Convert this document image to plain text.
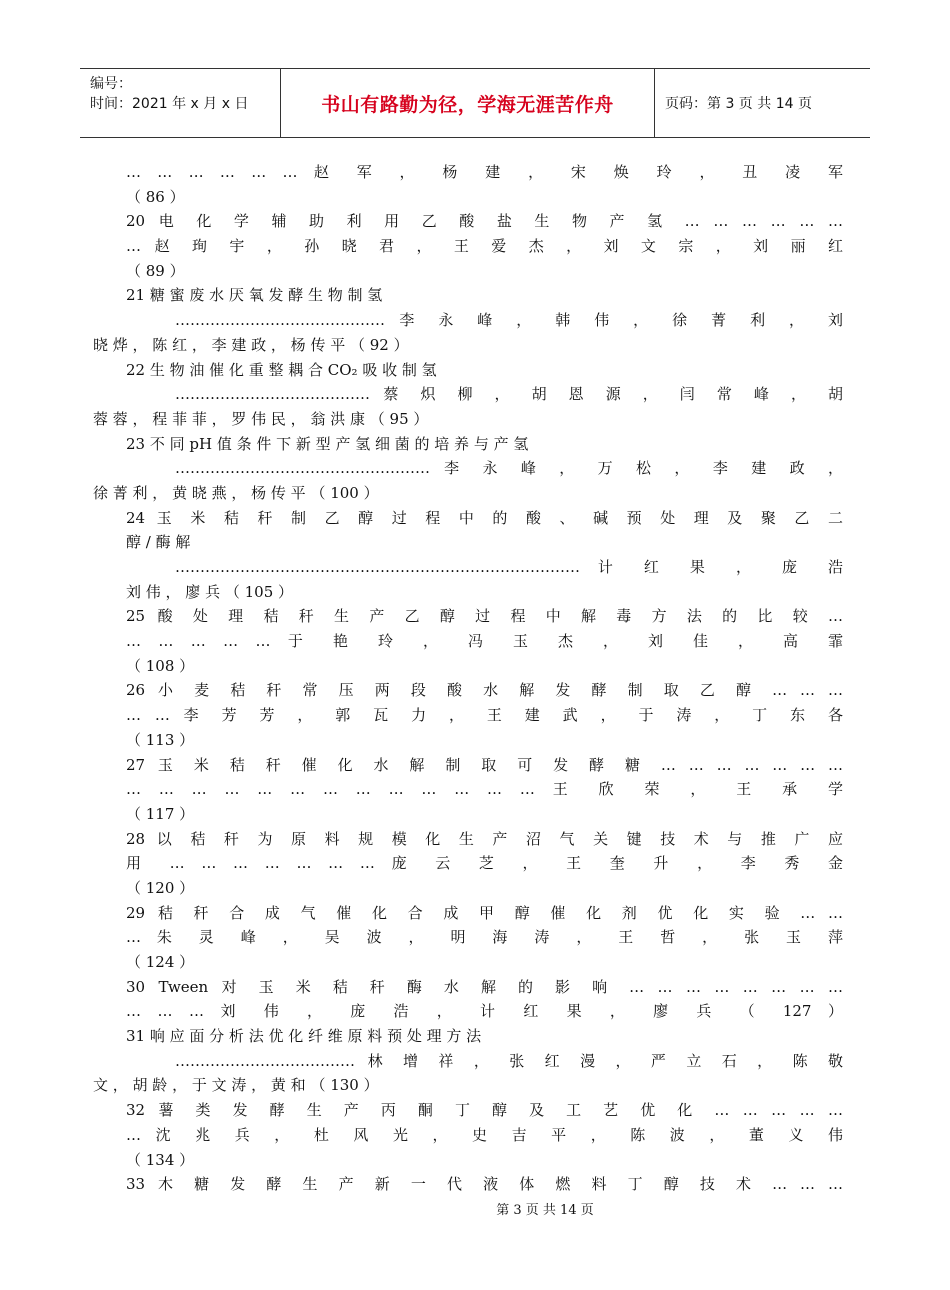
编号：
时间：2021 年 x 月 x 日	书山有路勤为径，学海无涯苦作舟	页码：第 3 页 共 14 页
… … … … … … 赵 军 ， 杨 建 ， 宋 焕 玲 ， 丑 凌 军
（ 86 ）
20 电 化 学 辅 助 利 用 乙 酸 盐 生 物 产 氢 … … … … … …
… 赵 珣 宇 ， 孙 晓 君 ， 王 爱 杰 ， 刘 文 宗 ， 刘 丽 红
（ 89 ）
21 糖 蜜 废 水 厌 氧 发 酵 生 物 制 氢
…………………………………… 李 永 峰 ， 韩 伟 ， 徐 菁 利 ， 刘
晓 烨 ， 陈 红 ， 李 建 政 ， 杨 传 平 （ 92 ）
22 生 物 油 催 化 重 整 耦 合 CO₂ 吸 收 制 氢
………………………………… 蔡 炽 柳 ， 胡 恩 源 ， 闫 常 峰 ， 胡
蓉 蓉 ， 程 菲 菲 ， 罗 伟 民 ， 翁 洪 康 （ 95 ）
23 不 同 pH 值 条 件 下 新 型 产 氢 细 菌 的 培 养 与 产 氢
…………………………………………… 李 永 峰 ， 万 松 ， 李 建 政 ，
徐 菁 利 ， 黄 晓 燕 ， 杨 传 平 （ 100 ）
24 玉 米 秸 秆 制 乙 醇 过 程 中 的 酸 、 碱 预 处 理 及 聚 乙 二
醇 / 酶 解
……………………………………………………………………… 计 红 果 ， 庞 浩
刘 伟 ， 廖 兵 （ 105 ）
25 酸 处 理 秸 秆 生 产 乙 醇 过 程 中 解 毒 方 法 的 比 较 …
… … … … … 于 艳 玲 ， 冯 玉 杰 ， 刘 佳 ， 高 霏
（ 108 ）
26 小 麦 秸 秆 常 压 两 段 酸 水 解 发 酵 制 取 乙 醇 … … …
… … 李 芳 芳 ， 郭 瓦 力 ， 王 建 武 ， 于 涛 ， 丁 东 各
（ 113 ）
27 玉 米 秸 秆 催 化 水 解 制 取 可 发 酵 糖 … … … … … … …
… … … … … … … … … … … … … 王 欣 荣 ， 王 承 学
（ 117 ）
28 以 秸 秆 为 原 料 规 模 化 生 产 沼 气 关 键 技 术 与 推 广 应
用 … … … … … … … 庞 云 芝 ， 王 奎 升 ， 李 秀 金
（ 120 ）
29 秸 秆 合 成 气 催 化 合 成 甲 醇 催 化 剂 优 化 实 验 … …
… 朱 灵 峰 ， 吴 波 ， 明 海 涛 ， 王 哲 ， 张 玉 萍
（ 124 ）
30 Tween 对 玉 米 秸 秆 酶 水 解 的 影 响 … … … … … … … …
… … … 刘 伟 ， 庞 浩 ， 计 红 果 ， 廖 兵 （ 127 ）
31 响 应 面 分 析 法 优 化 纤 维 原 料 预 处 理 方 法
……………………………… 林 增 祥 ， 张 红 漫 ， 严 立 石 ， 陈 敬
文 ， 胡 龄 ， 于 文 涛 ， 黄 和 （ 130 ）
32 薯 类 发 酵 生 产 丙 酮 丁 醇 及 工 艺 优 化 … … … … …
… 沈 兆 兵 ， 杜 风 光 ， 史 吉 平 ， 陈 波 ， 董 义 伟
（ 134 ）
33 木 糖 发 酵 生 产 新 一 代 液 体 燃 料 丁 醇 技 术 … … …
第 3 页 共 14 页
